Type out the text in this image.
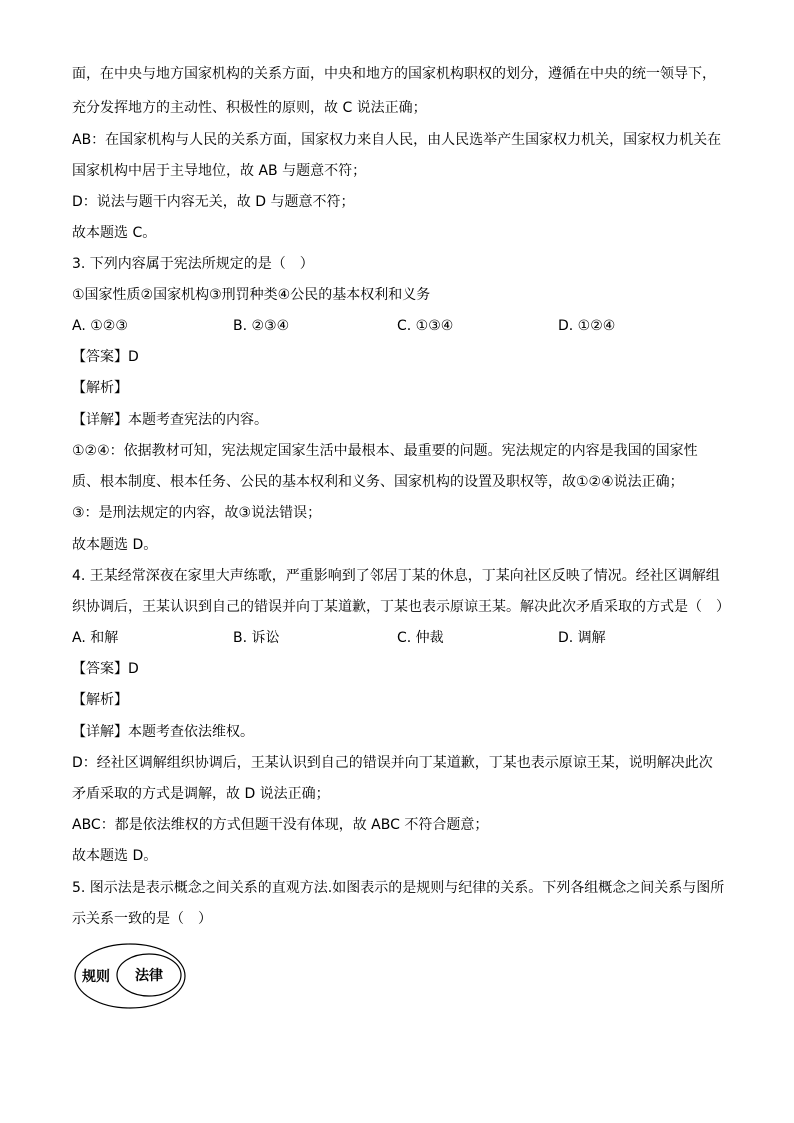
面，在中央与地方国家机构的关系方面，中央和地方的国家机构职权的划分，遵循在中央的统一领导下，
充分发挥地方的主动性、积极性的原则，故 C 说法正确；
AB：在国家机构与人民的关系方面，国家权力来自人民，由人民选举产生国家权力机关，国家权力机关在
国家机构中居于主导地位，故 AB 与题意不符；
D：说法与题干内容无关，故 D 与题意不符；
故本题选 C。
3. 下列内容属于宪法所规定的是（　）
①国家性质②国家机构③刑罚种类④公民的基本权利和义务
A. ①②③	B. ②③④	C. ①③④	D. ①②④
【答案】D
【解析】
【详解】本题考查宪法的内容。
①②④：依据教材可知，宪法规定国家生活中最根本、最重要的问题。宪法规定的内容是我国的国家性
质、根本制度、根本任务、公民的基本权利和义务、国家机构的设置及职权等，故①②④说法正确；
③：是刑法规定的内容，故③说法错误；
故本题选 D。
4. 王某经常深夜在家里大声练歌，严重影响到了邻居丁某的休息，丁某向社区反映了情况。经社区调解组
织协调后，王某认识到自己的错误并向丁某道歉，丁某也表示原谅王某。解决此次矛盾采取的方式是（　）
A. 和解	B. 诉讼	C. 仲裁	D. 调解
【答案】D
【解析】
【详解】本题考查依法维权。
D：经社区调解组织协调后，王某认识到自己的错误并向丁某道歉，丁某也表示原谅王某，说明解决此次
矛盾采取的方式是调解，故 D 说法正确；
ABC：都是依法维权的方式但题干没有体现，故 ABC 不符合题意；
故本题选 D。
5. 图示法是表示概念之间关系的直观方法.如图表示的是规则与纪律的关系。下列各组概念之间关系与图所
示关系一致的是（　）
规则 法律
